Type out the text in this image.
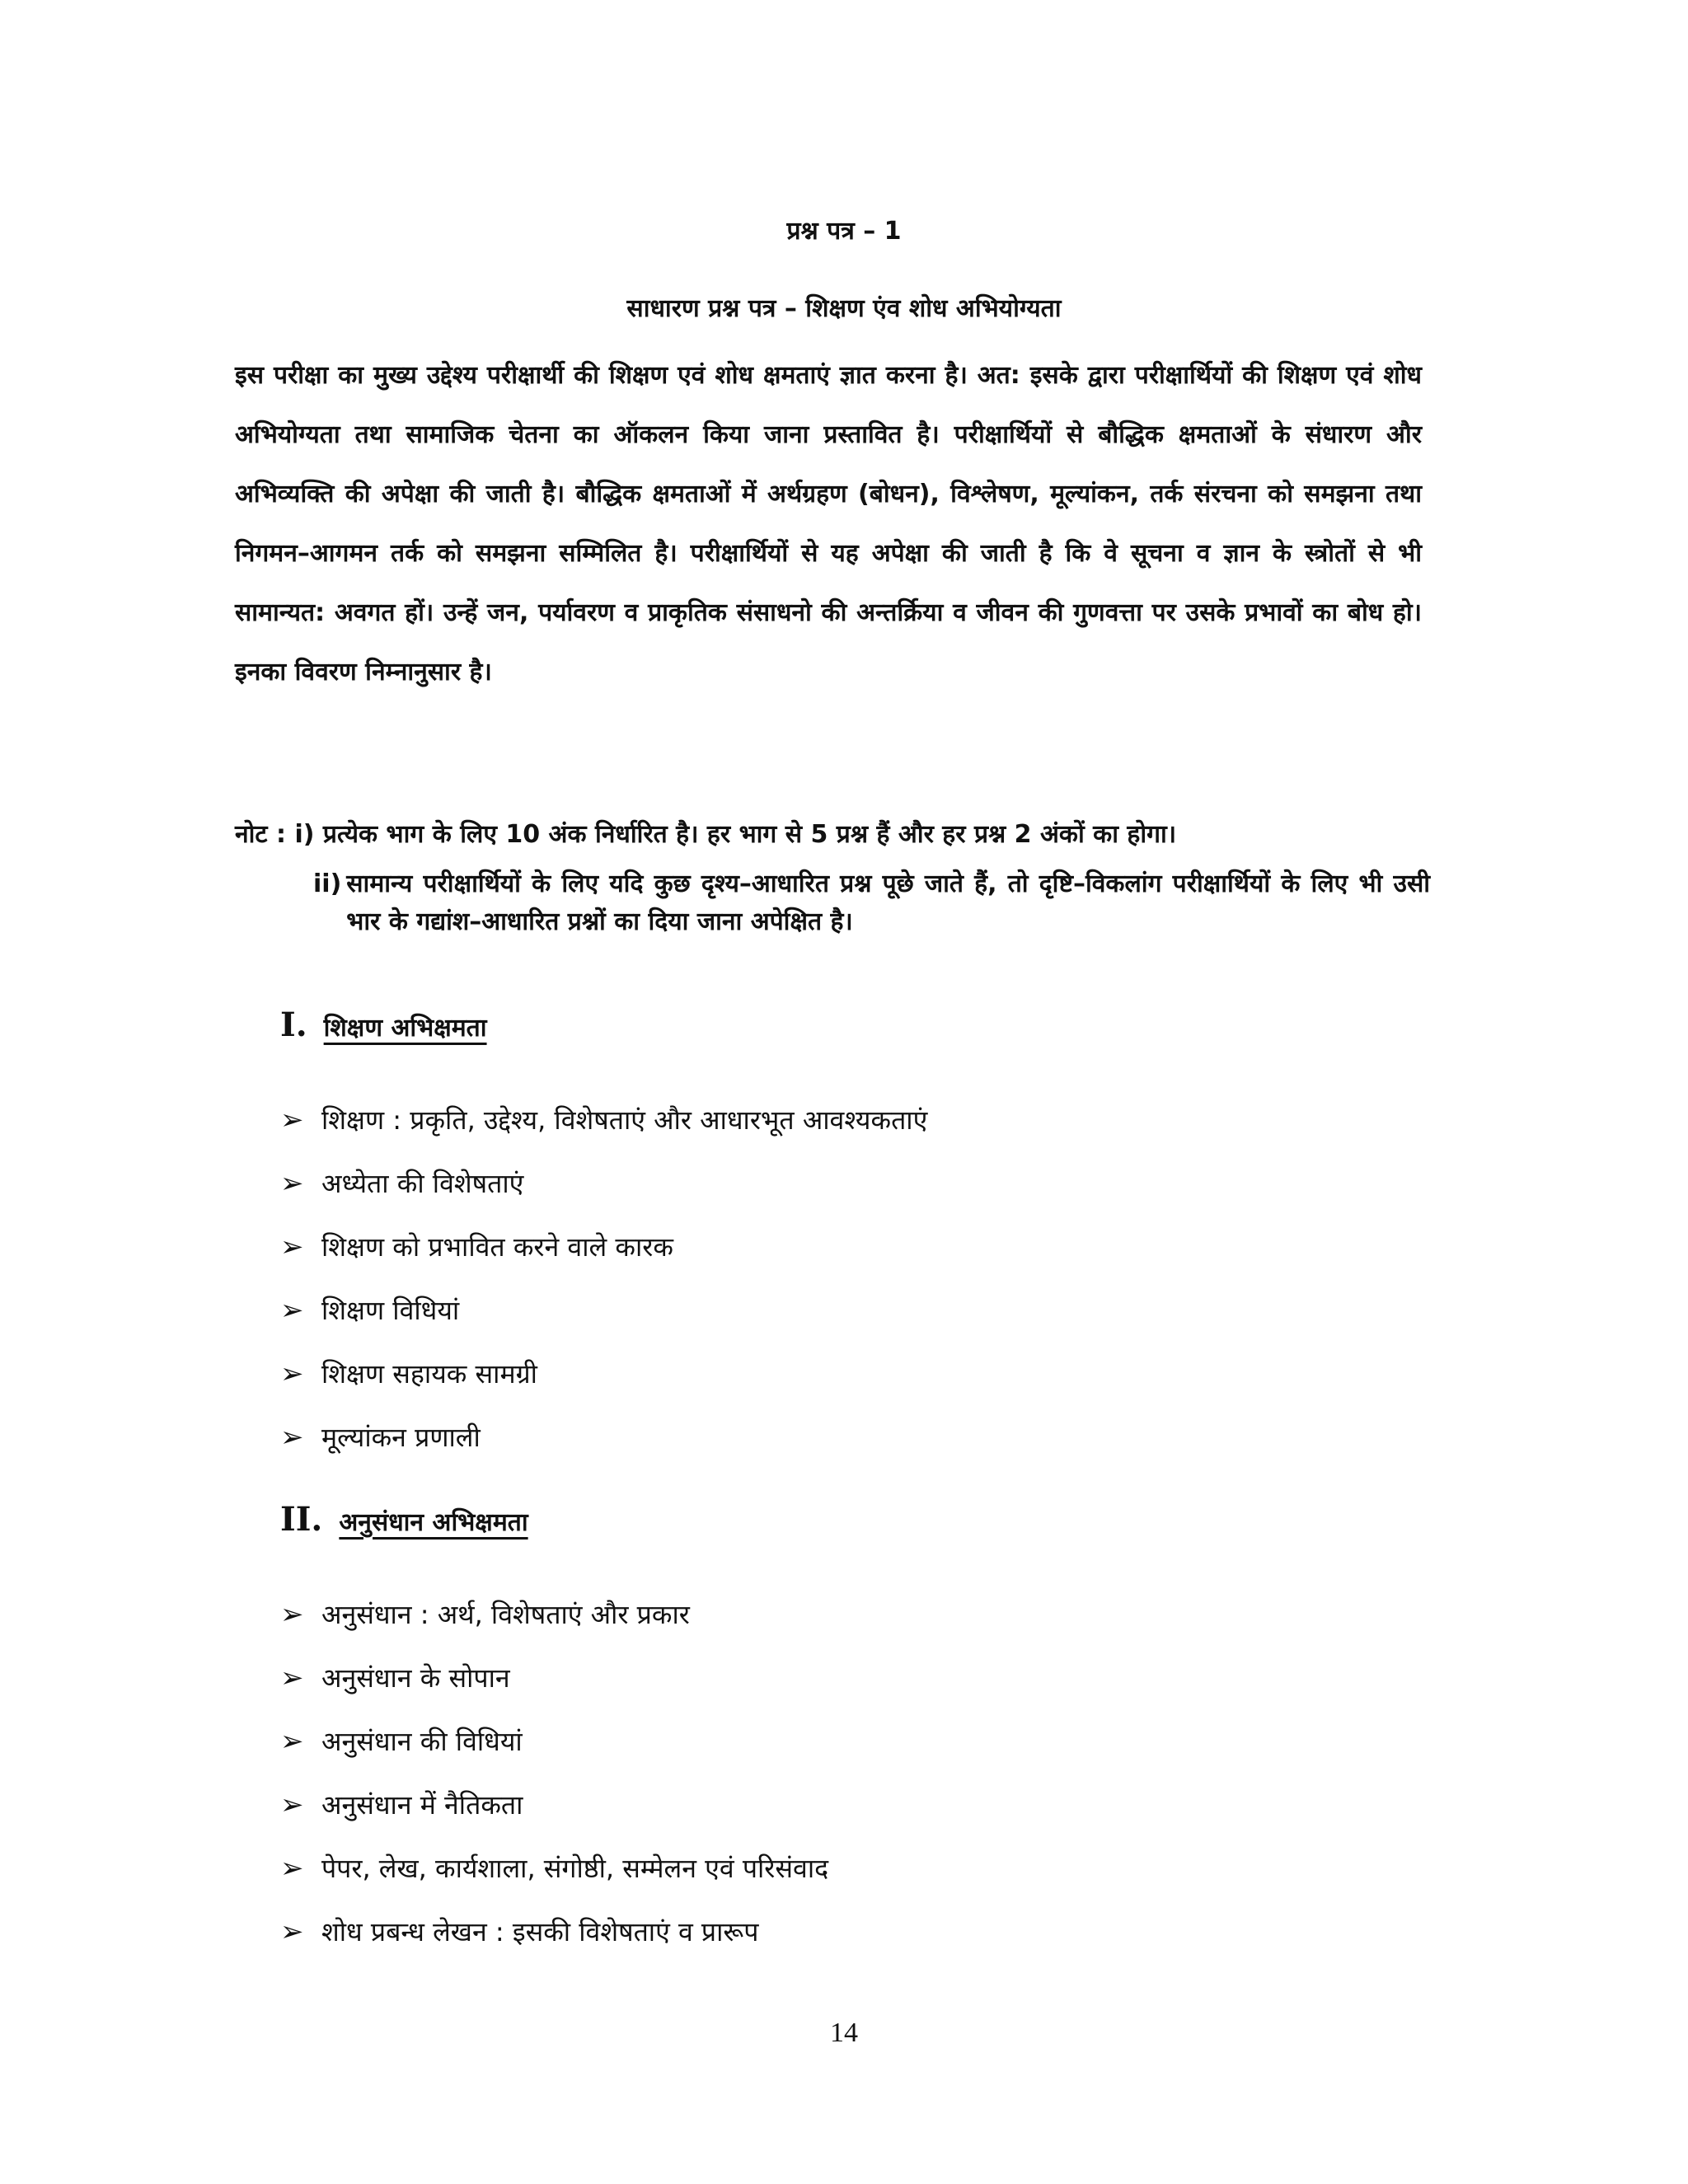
प्रश्न पत्र – 1
साधारण प्रश्न पत्र – शिक्षण एंव शोध अभियोग्यता

इस परीक्षा का मुख्य उद्देश्य परीक्षार्थी की शिक्षण एवं शोध क्षमताएं ज्ञात करना है। अत: इसके द्वारा परीक्षार्थियों की शिक्षण एवं शोध अभियोग्यता तथा सामाजिक चेतना का ऑकलन किया जाना प्रस्तावित है। परीक्षार्थियों से बौद्धिक क्षमताओं के संधारण और अभिव्यक्ति की अपेक्षा की जाती है। बौद्धिक क्षमताओं में अर्थग्रहण (बोधन), विश्लेषण, मूल्यांकन, तर्क संरचना को समझना तथा निगमन–आगमन तर्क को समझना सम्मिलित है। परीक्षार्थियों से यह अपेक्षा की जाती है कि वे सूचना व ज्ञान के स्त्रोतों से भी सामान्यत: अवगत हों। उन्हें जन, पर्यावरण व प्राकृतिक संसाधनो की अन्तर्क्रिया व जीवन की गुणवत्ता पर उसके प्रभावों का बोध हो। इनका विवरण निम्नानुसार है।

नोट : i) प्रत्येक भाग के लिए 10 अंक निर्धारित है। हर भाग से 5 प्रश्न हैं और हर प्रश्न 2 अंकों का होगा।
ii) सामान्य परीक्षार्थियों के लिए यदि कुछ दृश्य–आधारित प्रश्न पूछे जाते हैं, तो दृष्टि–विकलांग परीक्षार्थियों के लिए भी उसी भार के गद्यांश–आधारित प्रश्नों का दिया जाना अपेक्षित है।
I. शिक्षण अभिक्षमता
➢ शिक्षण : प्रकृति, उद्देश्य, विशेषताएं और आधारभूत आवश्यकताएं
➢ अध्येता की विशेषताएं
➢ शिक्षण को प्रभावित करने वाले कारक
➢ शिक्षण विधियां
➢ शिक्षण सहायक सामग्री
➢ मूल्यांकन प्रणाली
II. अनुसंधान अभिक्षमता
➢ अनुसंधान : अर्थ, विशेषताएं और प्रकार
➢ अनुसंधान के सोपान
➢ अनुसंधान की विधियां
➢ अनुसंधान में नैतिकता
➢ पेपर, लेख, कार्यशाला, संगोष्ठी, सम्मेलन एवं परिसंवाद
➢ शोध प्रबन्ध लेखन : इसकी विशेषताएं व प्रारूप
14
